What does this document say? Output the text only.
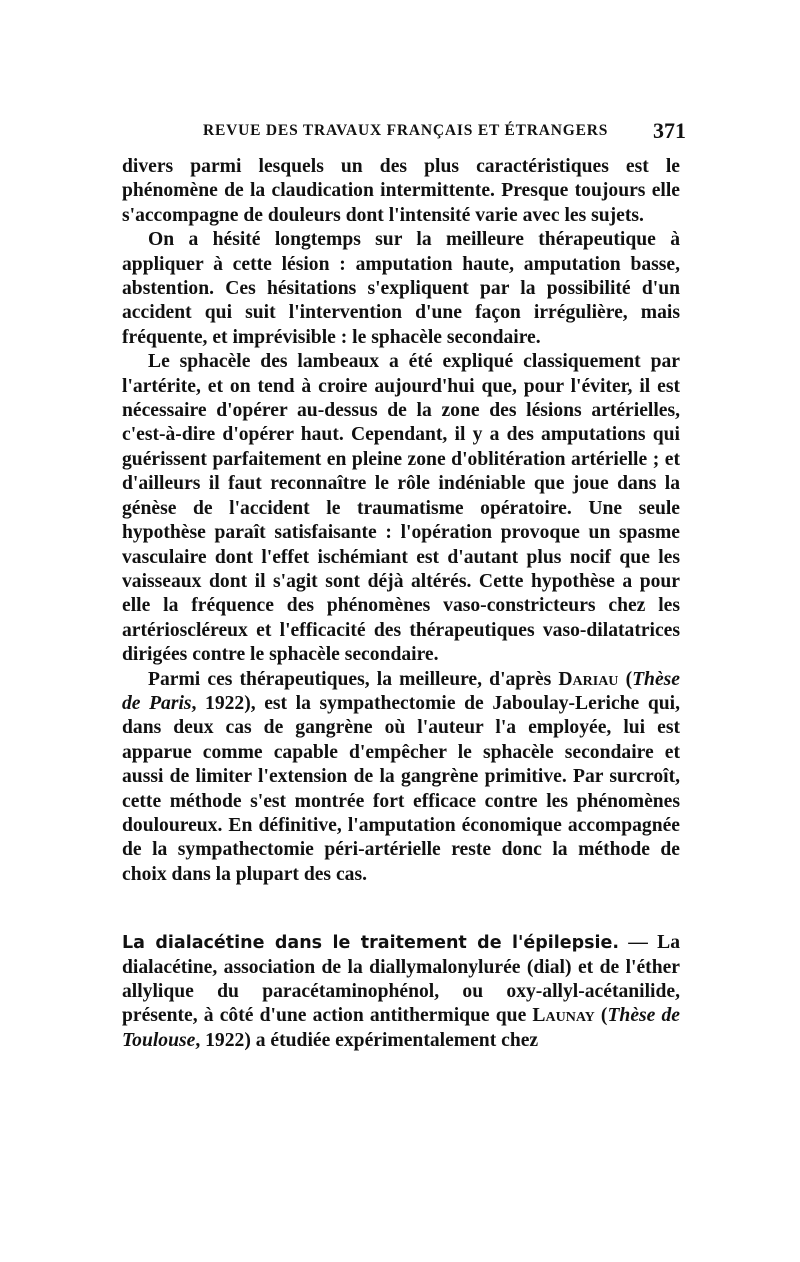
REVUE DES TRAVAUX FRANÇAIS ET ÉTRANGERS 371

divers parmi lesquels un des plus caractéristiques est le phénomène de la claudication intermittente. Presque toujours elle s'accompagne de douleurs dont l'intensité varie avec les sujets.

On a hésité longtemps sur la meilleure thérapeutique à appliquer à cette lésion : amputation haute, amputation basse, abstention. Ces hésitations s'expliquent par la possibilité d'un accident qui suit l'intervention d'une façon irrégulière, mais fréquente, et imprévisible : le sphacèle secondaire.

Le sphacèle des lambeaux a été expliqué classiquement par l'artérite, et on tend à croire aujourd'hui que, pour l'éviter, il est nécessaire d'opérer au-dessus de la zone des lésions artérielles, c'est-à-dire d'opérer haut. Cependant, il y a des amputations qui guérissent parfaitement en pleine zone d'oblitération artérielle ; et d'ailleurs il faut reconnaître le rôle indéniable que joue dans la génèse de l'accident le traumatisme opératoire. Une seule hypothèse paraît satisfaisante : l'opération provoque un spasme vasculaire dont l'effet ischémiant est d'autant plus nocif que les vaisseaux dont il s'agit sont déjà altérés. Cette hypothèse a pour elle la fréquence des phénomènes vaso-constricteurs chez les artérioscléreux et l'efficacité des thérapeutiques vaso-dilatatrices dirigées contre le sphacèle secondaire.

Parmi ces thérapeutiques, la meilleure, d'après Dariau (Thèse de Paris, 1922), est la sympathectomie de Jaboulay-Leriche qui, dans deux cas de gangrène où l'auteur l'a employée, lui est apparue comme capable d'empêcher le sphacèle secondaire et aussi de limiter l'extension de la gangrène primitive. Par surcroît, cette méthode s'est montrée fort efficace contre les phénomènes douloureux. En définitive, l'amputation économique accompagnée de la sympathectomie péri-artérielle reste donc la méthode de choix dans la plupart des cas.

La dialacétine dans le traitement de l'épilepsie. — La dialacétine, association de la diallymalonylurée (dial) et de l'éther allylique du paracétaminophénol, ou oxy-allyl-acétanilide, présente, à côté d'une action antithermique que Launay (Thèse de Toulouse, 1922) a étudiée expérimentalement chez
